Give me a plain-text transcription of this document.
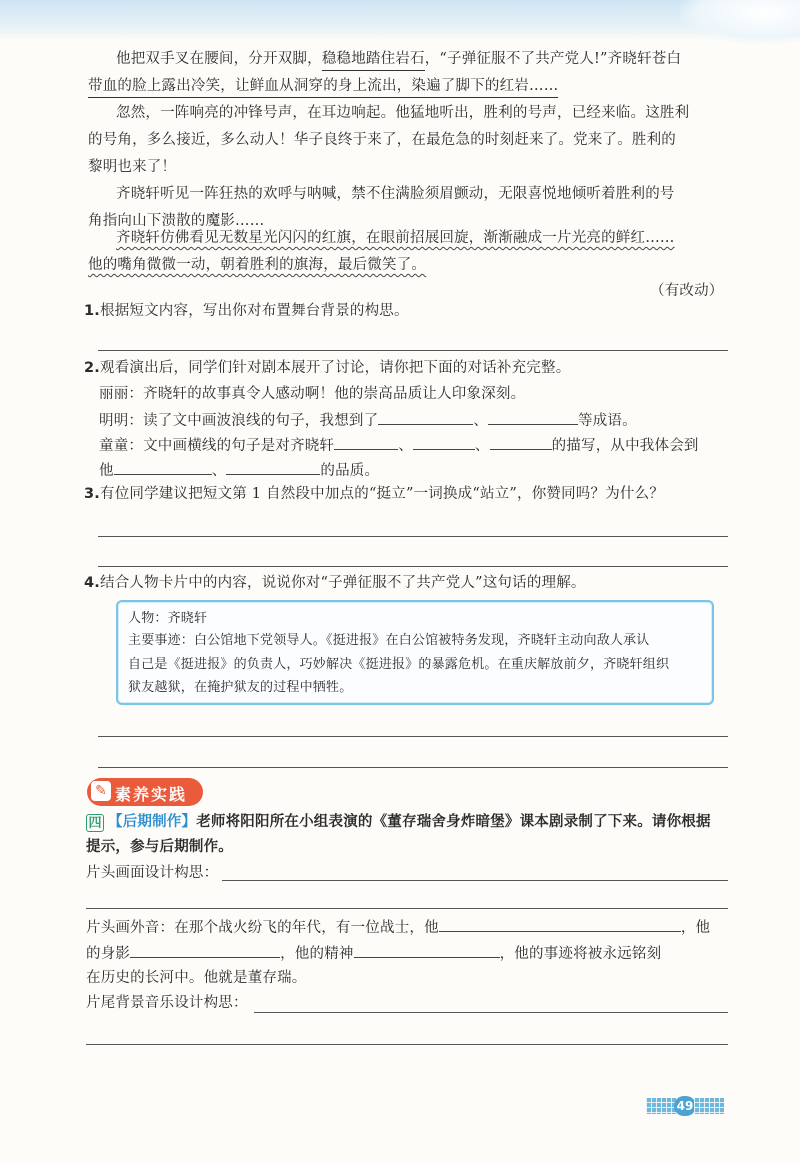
他把双手叉在腰间，分开双脚，稳稳地踏住岩石，“子弹征服不了共产党人!”齐晓轩苍白
带血的脸上露出冷笑，让鲜血从洞穿的身上流出，染遍了脚下的红岩……
忽然，一阵响亮的冲锋号声，在耳边响起。他猛地听出，胜利的号声，已经来临。这胜利
的号角，多么接近，多么动人！华子良终于来了，在最危急的时刻赶来了。党来了。胜利的
黎明也来了！
齐晓轩听见一阵狂热的欢呼与呐喊，禁不住满脸须眉颤动，无限喜悦地倾听着胜利的号
角指向山下溃散的魔影……
齐晓轩仿佛看见无数星光闪闪的红旗，在眼前招展回旋，渐渐融成一片光亮的鲜红……
他的嘴角微微一动，朝着胜利的旗海，最后微笑了。
（有改动）
1.根据短文内容，写出你对布置舞台背景的构思。
2.观看演出后，同学们针对剧本展开了讨论，请你把下面的对话补充完整。
丽丽：齐晓轩的故事真令人感动啊！他的崇高品质让人印象深刻。
明明：读了文中画波浪线的句子，我想到了	、	等成语。
童童：文中画横线的句子是对齐晓轩	、	、	的描写，从中我体会到
他	、	的品质。
3.有位同学建议把短文第 1 自然段中加点的“挺立”一词换成“站立”，你赞同吗？为什么？
4.结合人物卡片中的内容，说说你对“子弹征服不了共产党人”这句话的理解。
人物：齐晓轩
主要事迹：白公馆地下党领导人。《挺进报》在白公馆被特务发现，齐晓轩主动向敌人承认
自己是《挺进报》的负责人，巧妙解决《挺进报》的暴露危机。在重庆解放前夕，齐晓轩组织
狱友越狱，在掩护狱友的过程中牺牲。
✎ 素养实践
四 【后期制作】老师将阳阳所在小组表演的《董存瑞舍身炸暗堡》课本剧录制了下来。请你根据
提示，参与后期制作。
片头画面设计构思：
片头画外音：在那个战火纷飞的年代，有一位战士，他	，他
的身影	，他的精神	，他的事迹将被永远铭刻
在历史的长河中。他就是董存瑞。
片尾背景音乐设计构思：
49
